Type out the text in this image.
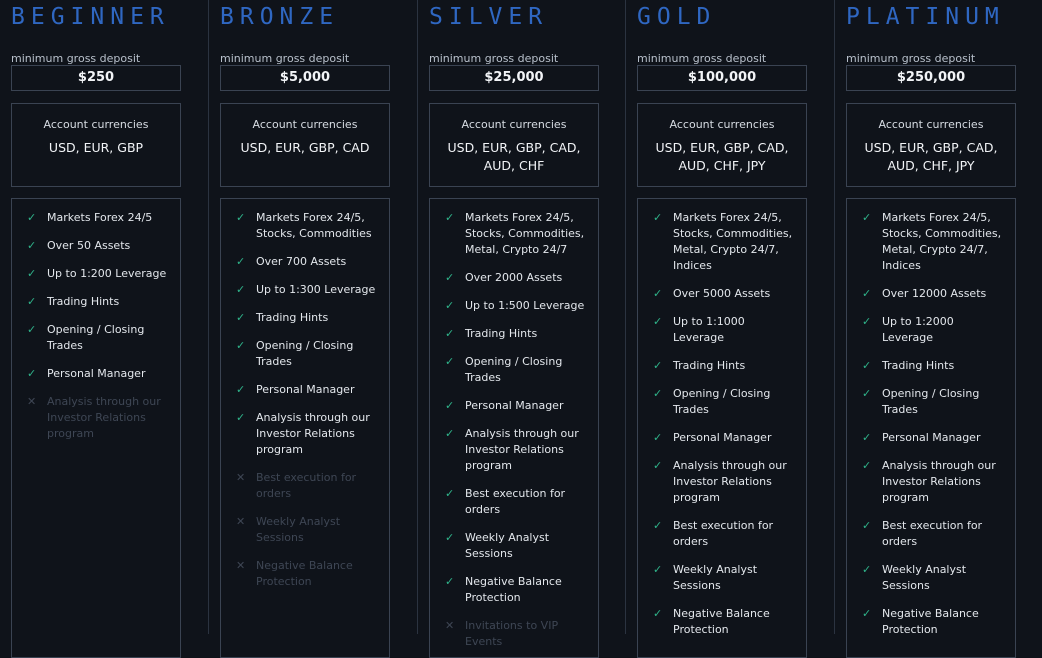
BEGINNER
minimum gross deposit
$250
Account currencies
USD, EUR, GBP
✓ Markets Forex 24/5
✓ Over 50 Assets
✓ Up to 1:200 Leverage
✓ Trading Hints
✓ Opening / Closing Trades
✓ Personal Manager
✕ Analysis through our Investor Relations program
BRONZE
minimum gross deposit
$5,000
Account currencies
USD, EUR, GBP, CAD
✓ Markets Forex 24/5, Stocks, Commodities
✓ Over 700 Assets
✓ Up to 1:300 Leverage
✓ Trading Hints
✓ Opening / Closing Trades
✓ Personal Manager
✓ Analysis through our Investor Relations program
✕ Best execution for orders
✕ Weekly Analyst Sessions
✕ Negative Balance Protection
SILVER
minimum gross deposit
$25,000
Account currencies
USD, EUR, GBP, CAD, AUD, CHF
✓ Markets Forex 24/5, Stocks, Commodities, Metal, Crypto 24/7
✓ Over 2000 Assets
✓ Up to 1:500 Leverage
✓ Trading Hints
✓ Opening / Closing Trades
✓ Personal Manager
✓ Analysis through our Investor Relations program
✓ Best execution for orders
✓ Weekly Analyst Sessions
✓ Negative Balance Protection
✕ Invitations to VIP Events
GOLD
minimum gross deposit
$100,000
Account currencies
USD, EUR, GBP, CAD, AUD, CHF, JPY
✓ Markets Forex 24/5, Stocks, Commodities, Metal, Crypto 24/7, Indices
✓ Over 5000 Assets
✓ Up to 1:1000 Leverage
✓ Trading Hints
✓ Opening / Closing Trades
✓ Personal Manager
✓ Analysis through our Investor Relations program
✓ Best execution for orders
✓ Weekly Analyst Sessions
✓ Negative Balance Protection
PLATINUM
minimum gross deposit
$250,000
Account currencies
USD, EUR, GBP, CAD, AUD, CHF, JPY
✓ Markets Forex 24/5, Stocks, Commodities, Metal, Crypto 24/7, Indices
✓ Over 12000 Assets
✓ Up to 1:2000 Leverage
✓ Trading Hints
✓ Opening / Closing Trades
✓ Personal Manager
✓ Analysis through our Investor Relations program
✓ Best execution for orders
✓ Weekly Analyst Sessions
✓ Negative Balance Protection
